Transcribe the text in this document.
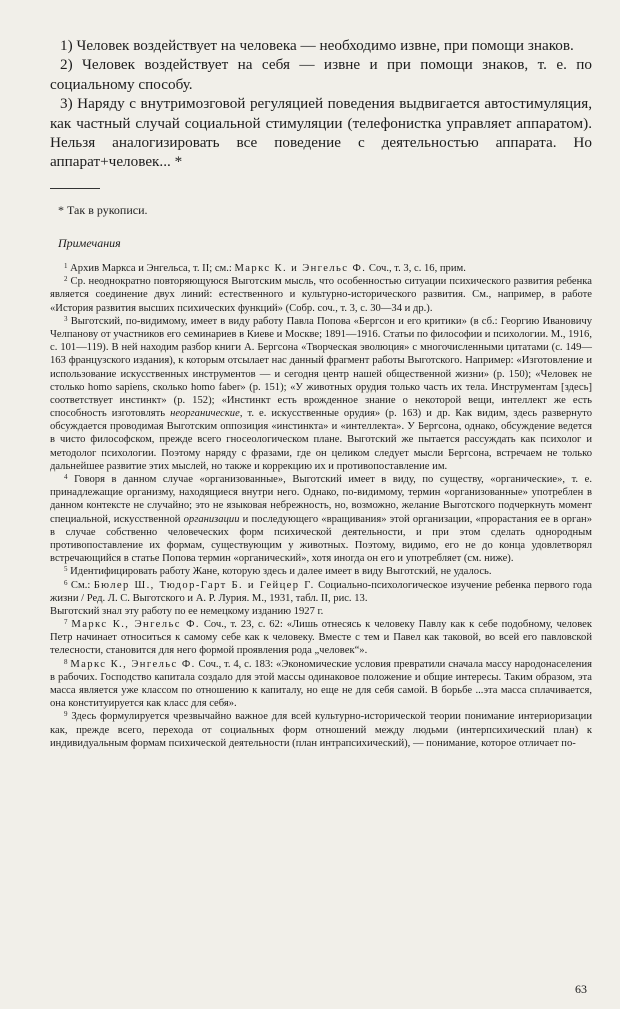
1) Человек воздействует на человека — необходимо извне, при помощи знаков.

2) Человек воздействует на себя — извне и при помощи знаков, т. е. по социальному способу.

3) Наряду с внутримозговой регуляцией поведения выдвигается автостимуляция, как частный случай социальной стимуляции (телефонистка управляет аппаратом). Нельзя аналогизировать все поведение с деятельностью аппарата. Но аппарат+человек... *

* Так в рукописи.
Примечания

$^1$ Архив Маркса и Энгельса, т. II; см.: Маркс К. и Энгельс Ф. Соч., т. 3, с. 16, прим.

$^2$ Ср. неоднократно повторяющуюся Выготским мысль, что особенностью ситуации психического развития ребенка является соединение двух линий: естественного и культурно-исторического развития. См., например, в работе «История развития высших психических функций» (Собр. соч., т. 3, с. 30—34 и др.).

$^3$ Выготский, по-видимому, имеет в виду работу Павла Попова «Бергсон и его критики» (в сб.: Георгию Ивановичу Челпанову от участников его семинариев в Киеве и Москве; 1891—1916. Статьи по философии и психологии. М., 1916, с. 101—119). В ней находим разбор книги А. Бергсона «Творческая эволюция» с многочисленными цитатами (с. 149—163 французского издания), к которым отсылает нас данный фрагмент работы Выготского. Например: «Изготовление и использование искусственных инструментов — и сегодня центр нашей общественной жизни» (р. 150); «Человек не столько homo sapiens, сколько homo faber» (р. 151); «У животных орудия только часть их тела. Инструментам [здесь] соответствует инстинкт» (р. 152); «Инстинкт есть врожденное знание о некоторой вещи, интеллект же есть способность изготовлять неорганические, т. е. искусственные орудия» (р. 163) и др. Как видим, здесь развернуто обсуждается проводимая Выготским оппозиция «инстинкта» и «интеллекта». У Бергсона, однако, обсуждение ведется в чисто философском, прежде всего гносеологическом плане. Выготский же пытается рассуждать как психолог и методолог психологии. Поэтому наряду с фразами, где он целиком следует мысли Бергсона, встречаем не только дальнейшее развитие этих мыслей, но также и коррекцию их и противопоставление им.

$^4$ Говоря в данном случае «организованные», Выготский имеет в виду, по существу, «органические», т. е. принадлежащие организму, находящиеся внутри него. Однако, по-видимому, термин «организованные» употреблен в данном контексте не случайно; это не языковая небрежность, но, возможно, желание Выготского подчеркнуть момент специальной, искусственной организации и последующего «вращивания» этой организации, «прорастания ее в орган» в случае собственно человеческих форм психической деятельности, и при этом сделать однородным противопоставление их формам, существующим у животных. Поэтому, видимо, его не до конца удовлетворял встречающийся в статье Попова термин «органический», хотя иногда он его и употребляет (см. ниже).

$^5$ Идентифицировать работу Жане, которую здесь и далее имеет в виду Выготский, не удалось.

$^6$ См.: Бюлер Ш., Тюдор-Гарт Б. и Гейцер Г. Социально-психологическое изучение ребенка первого года жизни / Ред. Л. С. Выготского и А. Р. Лурия. М., 1931, табл. II, рис. 13.

Выготский знал эту работу по ее немецкому изданию 1927 г.

$^7$ Маркс К., Энгельс Ф. Соч., т. 23, с. 62: «Лишь отнесясь к человеку Павлу как к себе подобному, человек Петр начинает относиться к самому себе как к человеку. Вместе с тем и Павел как таковой, во всей его павловской телесности, становится для него формой проявления рода „человек“».

$^8$ Маркс К., Энгельс Ф. Соч., т. 4, с. 183: «Экономические условия превратили сначала массу народонаселения в рабочих. Господство капитала создало для этой массы одинаковое положение и общие интересы. Таким образом, эта масса является уже классом по отношению к капиталу, но еще не для себя самой. В борьбе ...эта масса сплачивается, она конституируется как класс для себя».

$^9$ Здесь формулируется чрезвычайно важное для всей культурно-исторической теории понимание интериоризации как, прежде всего, перехода от социальных форм отношений между людьми (интерпсихический план) к индивидуальным формам психической деятельности (план интрапсихический), — понимание, которое отличает по-

63
